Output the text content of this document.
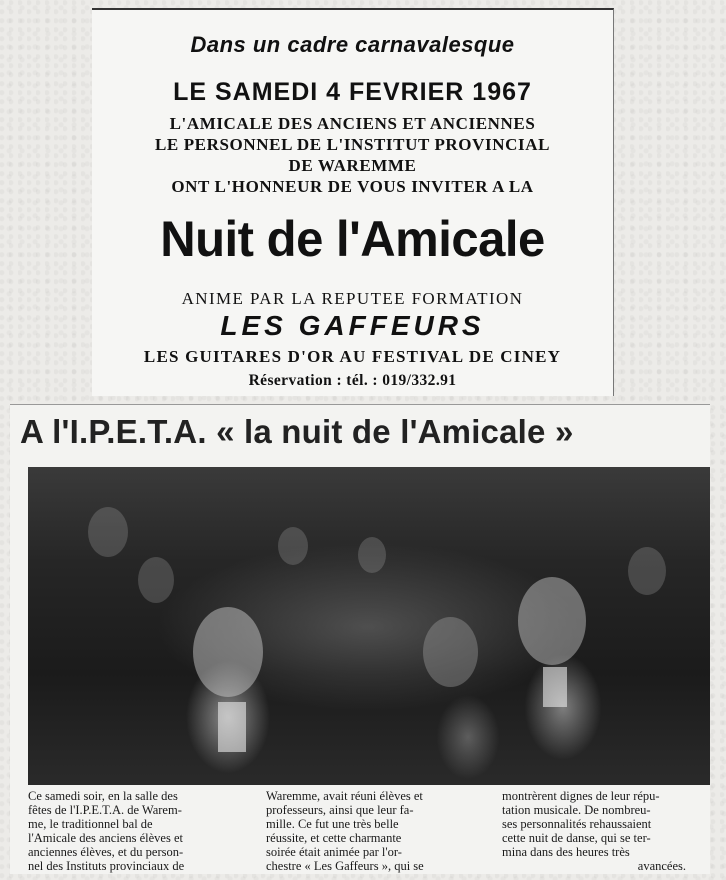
Dans un cadre carnavalesque
LE SAMEDI 4 FEVRIER 1967
L'AMICALE DES ANCIENS ET ANCIENNES
LE PERSONNEL DE L'INSTITUT PROVINCIAL
DE WAREMME
ONT L'HONNEUR DE VOUS INVITER A LA
Nuit de l'Amicale
ANIME PAR LA REPUTEE FORMATION
LES GAFFEURS
LES GUITARES D'OR AU FESTIVAL DE CINEY
Réservation : tél. : 019/332.91
A l'I.P.E.T.A. « la nuit de l'Amicale »
Ce samedi soir, en la salle des
fêtes de l'I.P.E.T.A. de Warem-
me, le traditionnel bal de
l'Amicale des anciens élèves et
anciennes élèves, et du person-
nel des Instituts provinciaux de
Waremme, avait réuni élèves et
professeurs, ainsi que leur fa-
mille. Ce fut une très belle
réussite, et cette charmante
soirée était animée par l'or-
chestre « Les Gaffeurs », qui se
montrèrent dignes de leur répu-
tation musicale. De nombreu-
ses personnalités rehaussaient
cette nuit de danse, qui se ter-
mina dans des heures très
avancées.
